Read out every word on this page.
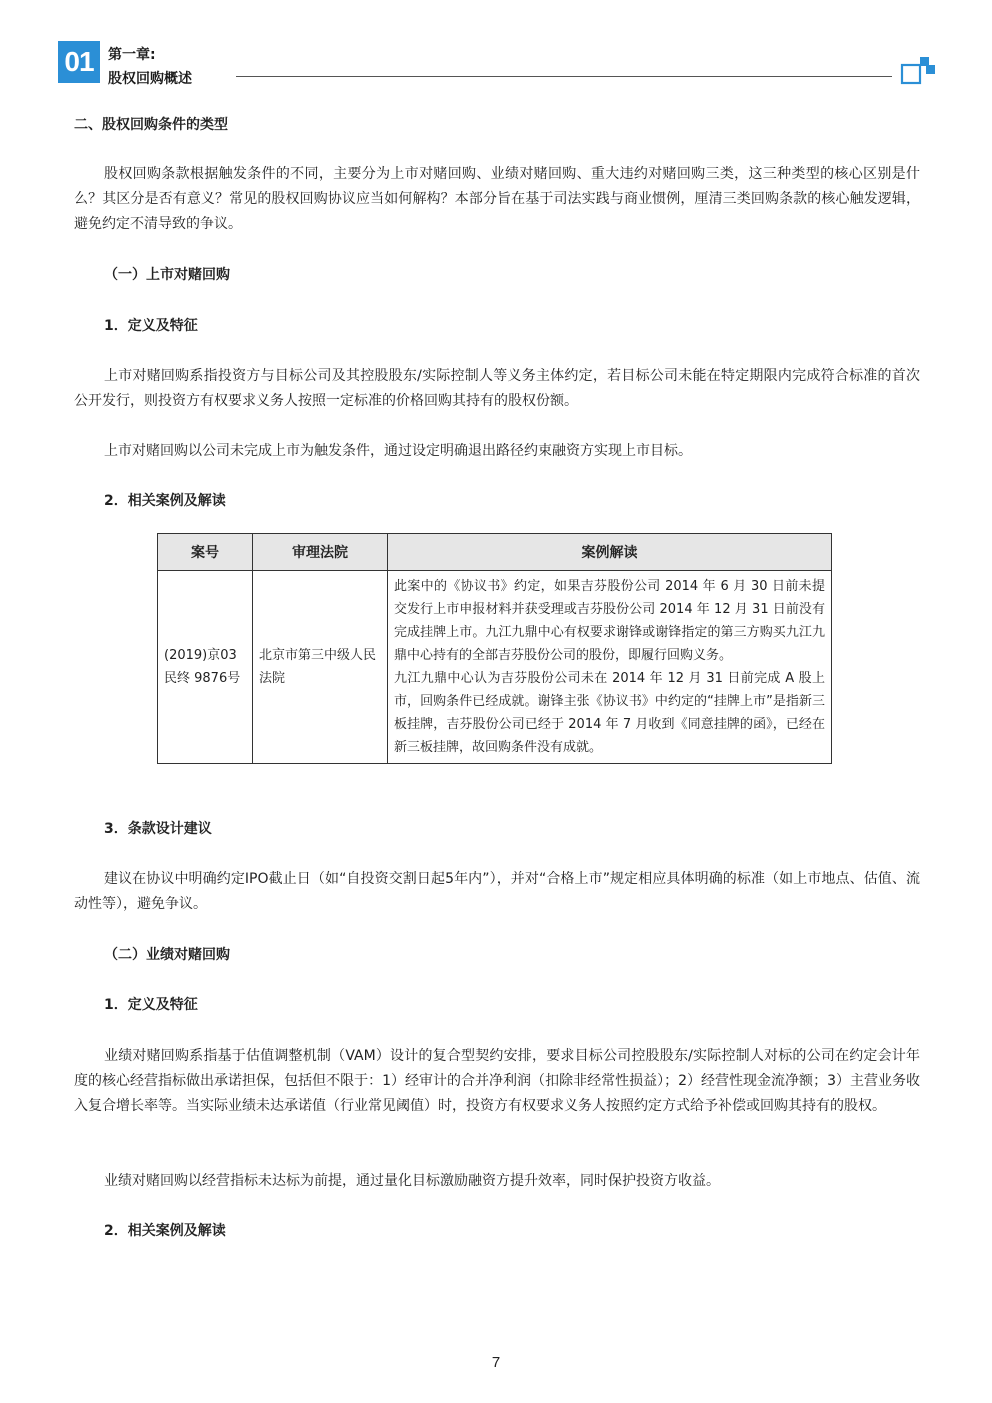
01	第一章:
股权回购概述

二、股权回购条件的类型

股权回购条款根据触发条件的不同，主要分为上市对赌回购、业绩对赌回购、重大违约对赌回购三类，这三种类型的核心区别是什么？其区分是否有意义？常见的股权回购协议应当如何解构？本部分旨在基于司法实践与商业惯例，厘清三类回购条款的核心触发逻辑，避免约定不清导致的争议。

（一）上市对赌回购

1．定义及特征

上市对赌回购系指投资方与目标公司及其控股股东/实际控制人等义务主体约定，若目标公司未能在特定期限内完成符合标准的首次公开发行，则投资方有权要求义务人按照一定标准的价格回购其持有的股权份额。

上市对赌回购以公司未完成上市为触发条件，通过设定明确退出路径约束融资方实现上市目标。

2．相关案例及解读

案号	审理法院	案例解读
(2019)京03民终 9876号	北京市第三中级人民法院	此案中的《协议书》约定，如果吉芬股份公司 2014 年 6 月 30 日前未提交发行上市申报材料并获受理或吉芬股份公司 2014 年 12 月 31 日前没有完成挂牌上市。九江九鼎中心有权要求谢锋或谢锋指定的第三方购买九江九鼎中心持有的全部吉芬股份公司的股份，即履行回购义务。
九江九鼎中心认为吉芬股份公司未在 2014 年 12 月 31 日前完成 A 股上市，回购条件已经成就。谢锋主张《协议书》中约定的“挂牌上市”是指新三板挂牌，吉芬股份公司已经于 2014 年 7 月收到《同意挂牌的函》，已经在新三板挂牌，故回购条件没有成就。

3．条款设计建议

建议在协议中明确约定IPO截止日（如“自投资交割日起5年内”），并对“合格上市”规定相应具体明确的标准（如上市地点、估值、流动性等），避免争议。

（二）业绩对赌回购

1．定义及特征

业绩对赌回购系指基于估值调整机制（VAM）设计的复合型契约安排，要求目标公司控股股东/实际控制人对标的公司在约定会计年度的核心经营指标做出承诺担保，包括但不限于：1）经审计的合并净利润（扣除非经常性损益）；2）经营性现金流净额；3）主营业务收入复合增长率等。当实际业绩未达承诺值（行业常见阈值）时，投资方有权要求义务人按照约定方式给予补偿或回购其持有的股权。

业绩对赌回购以经营指标未达标为前提，通过量化目标激励融资方提升效率，同时保护投资方收益。

2．相关案例及解读

7
